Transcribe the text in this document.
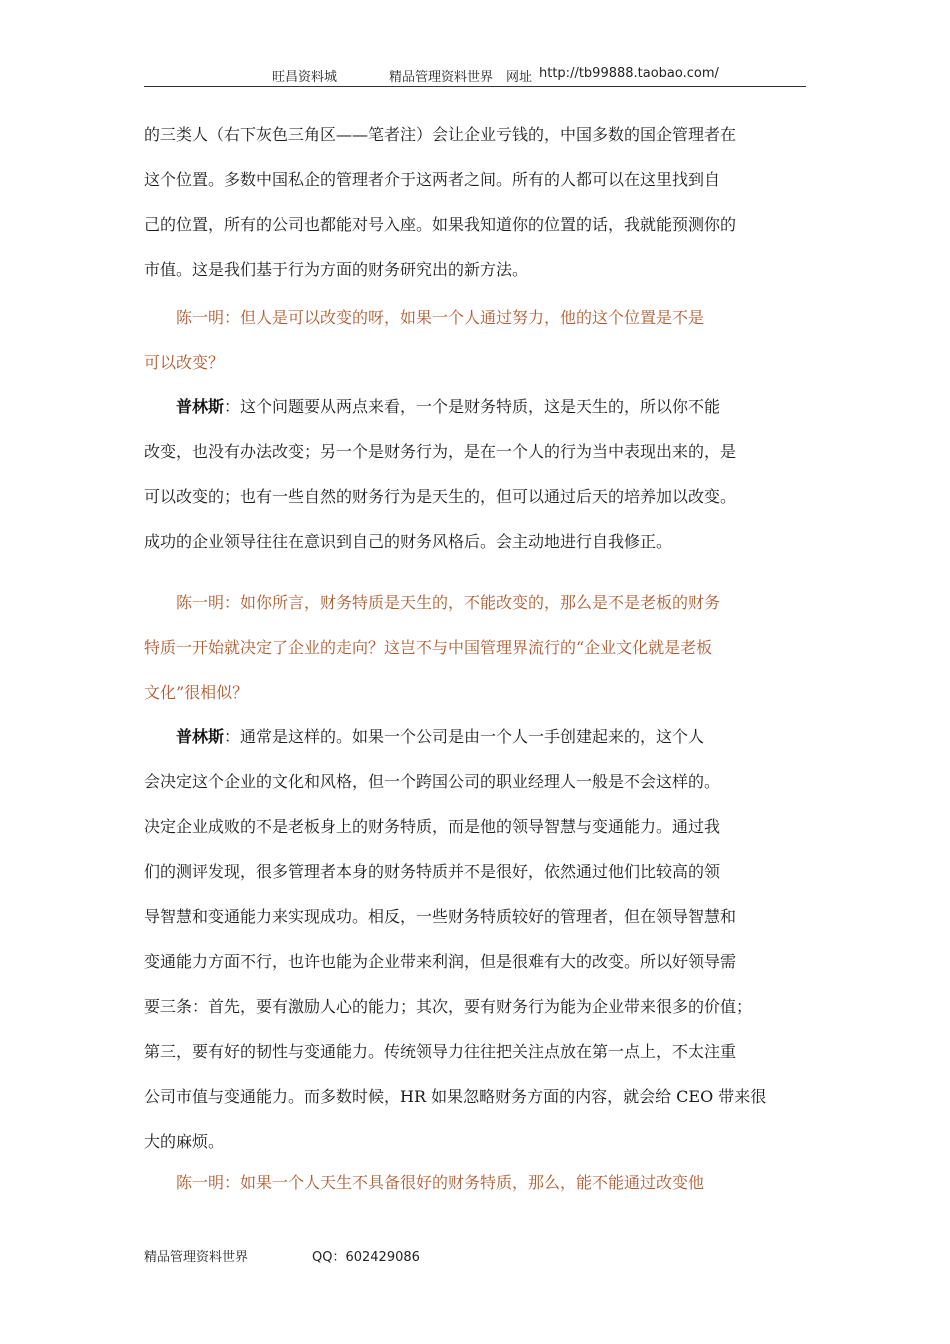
旺昌资料城	精品管理资料世界 网址 http://tb99888.taobao.com/
的三类人（右下灰色三角区——笔者注）会让企业亏钱的，中国多数的国企管理者在
这个位置。多数中国私企的管理者介于这两者之间。所有的人都可以在这里找到自
己的位置，所有的公司也都能对号入座。如果我知道你的位置的话，我就能预测你的
市值。这是我们基于行为方面的财务研究出的新方法。
　　陈一明：但人是可以改变的呀，如果一个人通过努力，他的这个位置是不是
可以改变？
　　普林斯：这个问题要从两点来看，一个是财务特质，这是天生的，所以你不能
改变，也没有办法改变；另一个是财务行为，是在一个人的行为当中表现出来的，是
可以改变的；也有一些自然的财务行为是天生的，但可以通过后天的培养加以改变。
成功的企业领导往往在意识到自己的财务风格后。会主动地进行自我修正。
　　陈一明：如你所言，财务特质是天生的，不能改变的，那么是不是老板的财务
特质一开始就决定了企业的走向？这岂不与中国管理界流行的“企业文化就是老板
文化”很相似？
　　普林斯：通常是这样的。如果一个公司是由一个人一手创建起来的，这个人
会决定这个企业的文化和风格，但一个跨国公司的职业经理人一般是不会这样的。
决定企业成败的不是老板身上的财务特质，而是他的领导智慧与变通能力。通过我
们的测评发现，很多管理者本身的财务特质并不是很好，依然通过他们比较高的领
导智慧和变通能力来实现成功。相反，一些财务特质较好的管理者，但在领导智慧和
变通能力方面不行，也许也能为企业带来利润，但是很难有大的改变。所以好领导需
要三条：首先，要有激励人心的能力；其次，要有财务行为能为企业带来很多的价值；
第三，要有好的韧性与变通能力。传统领导力往往把关注点放在第一点上，不太注重
公司市值与变通能力。而多数时候，HR 如果忽略财务方面的内容，就会给 CEO 带来很
大的麻烦。
　　陈一明：如果一个人天生不具备很好的财务特质，那么，能不能通过改变他
精品管理资料世界	QQ：602429086
